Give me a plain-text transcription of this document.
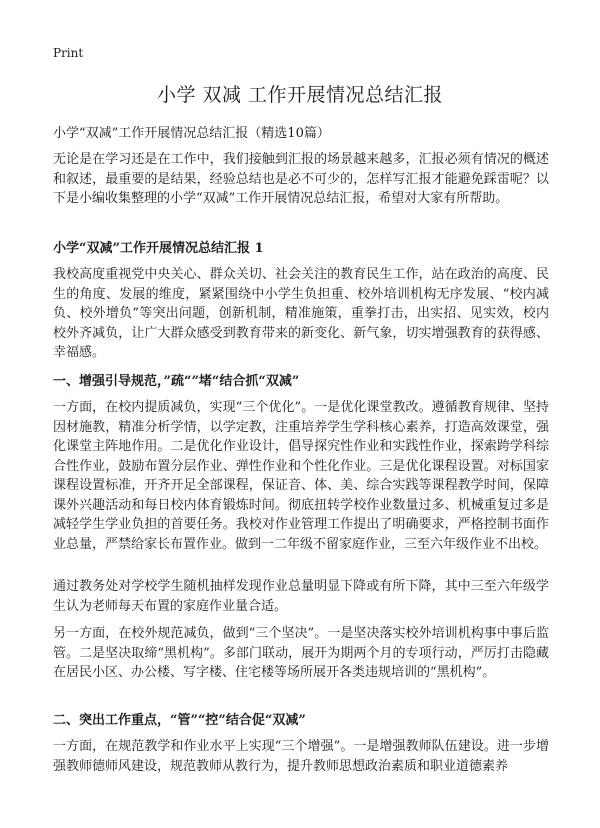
Print
小学 双减 工作开展情况总结汇报

小学“双减”工作开展情况总结汇报（精选10篇）

无论是在学习还是在工作中，我们接触到汇报的场景越来越多，汇报必须有情况的概述和叙述，最重要的是结果，经验总结也是必不可少的，怎样写汇报才能避免踩雷呢？以下是小编收集整理的小学“双减”工作开展情况总结汇报，希望对大家有所帮助。

小学“双减”工作开展情况总结汇报 1

我校高度重视党中央关心、群众关切、社会关注的教育民生工作，站在政治的高度、民生的角度、发展的维度，紧紧围绕中小学生负担重、校外培训机构无序发展、“校内减负、校外增负”等突出问题，创新机制，精准施策，重拳打击，出实招、见实效，校内校外齐减负，让广大群众感受到教育带来的新变化、新气象，切实增强教育的获得感、幸福感。

一、增强引导规范，”疏“”堵“结合抓“双减”

一方面，在校内提质减负，实现“三个优化”。一是优化课堂教改。遵循教育规律、坚持因材施教，精准分析学情，以学定教，注重培养学生学科核心素养，打造高效课堂，强化课堂主阵地作用。二是优化作业设计，倡导探究性作业和实践性作业，探索跨学科综合性作业，鼓励布置分层作业、弹性作业和个性化作业。三是优化课程设置。对标国家课程设置标准，开齐开足全部课程，保证音、体、美、综合实践等课程教学时间，保障课外兴趣活动和每日校内体育锻炼时间。彻底扭转学校作业数量过多、机械重复过多是减轻学生学业负担的首要任务。我校对作业管理工作提出了明确要求，严格控制书面作业总量，严禁给家长布置作业。做到一二年级不留家庭作业，三至六年级作业不出校。

通过教务处对学校学生随机抽样发现作业总量明显下降或有所下降，其中三至六年级学生认为老师每天布置的家庭作业量合适。

另一方面，在校外规范减负，做到“三个坚决”。一是坚决落实校外培训机构事中事后监管。二是坚决取缔“黑机构”。多部门联动，展开为期两个月的专项行动，严厉打击隐藏在居民小区、办公楼、写字楼、住宅楼等场所展开各类违规培训的“黑机构”。

二、突出工作重点，“管”“控”结合促“双减”

一方面，在规范教学和作业水平上实现“三个增强”。一是增强教师队伍建设。进一步增强教师德师风建设，规范教师从教行为，提升教师思想政治素质和职业道德素养
